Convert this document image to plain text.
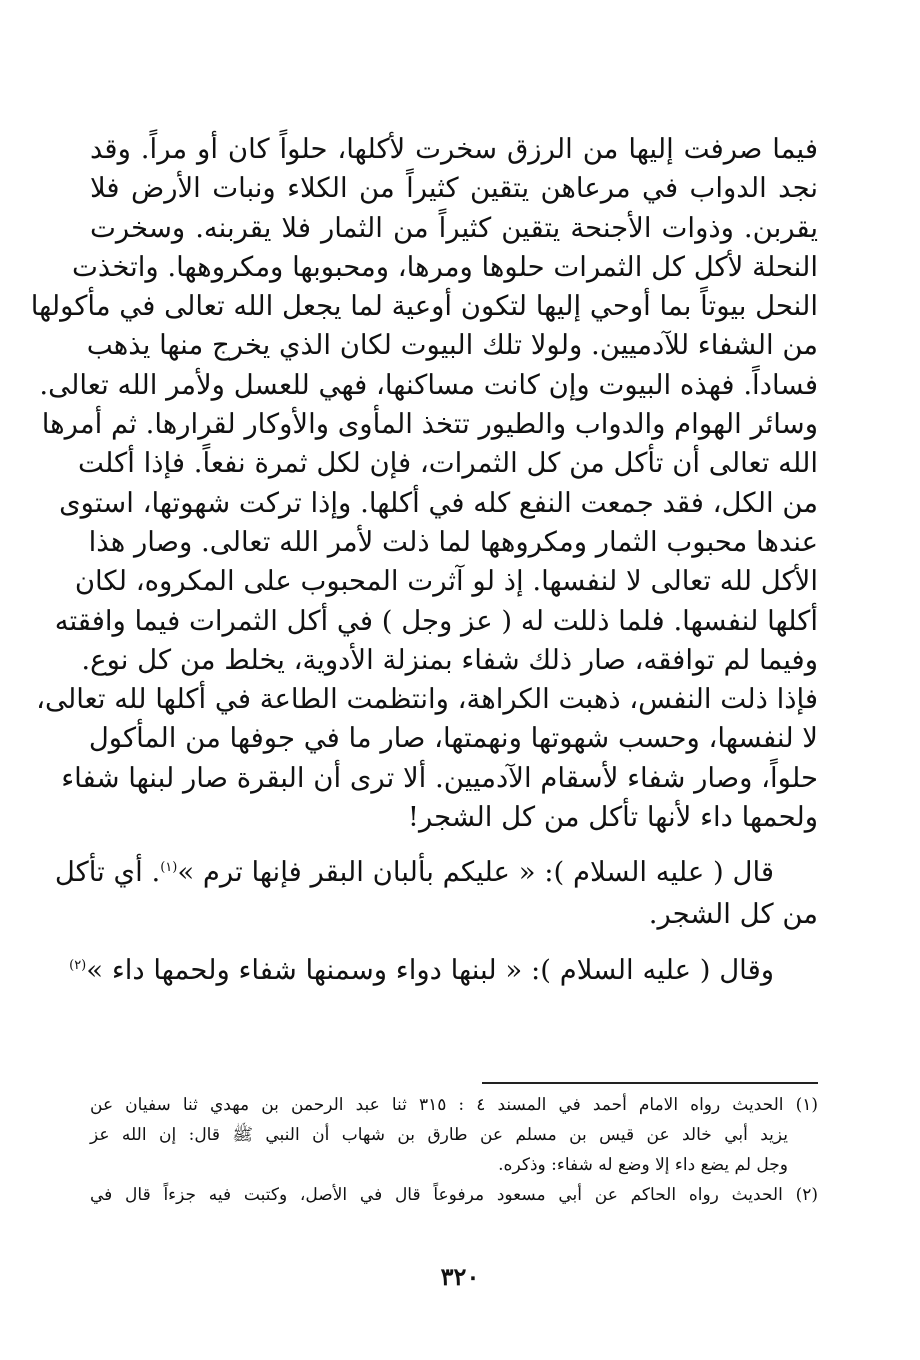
فيما صرفت إليها من الرزق سخرت لأكلها، حلواً كان أو مراً. وقد
نجد الدواب في مرعاهن يتقين كثيراً من الكلاء ونبات الأرض فلا
يقربن. وذوات الأجنحة يتقين كثيراً من الثمار فلا يقربنه. وسخرت
النحلة لأكل كل الثمرات حلوها ومرها، ومحبوبها ومكروهها. واتخذت
النحل بيوتاً بما أوحي إليها لتكون أوعية لما يجعل الله تعالى في مأكولها
من الشفاء للآدميين. ولولا تلك البيوت لكان الذي يخرج منها يذهب
فساداً. فهذه البيوت وإن كانت مساكنها، فهي للعسل ولأمر الله تعالى.
وسائر الهوام والدواب والطيور تتخذ المأوى والأوكار لقرارها. ثم أمرها
الله تعالى أن تأكل من كل الثمرات، فإن لكل ثمرة نفعاً. فإذا أكلت
من الكل، فقد جمعت النفع كله في أكلها. وإذا تركت شهوتها، استوى
عندها محبوب الثمار ومكروهها لما ذلت لأمر الله تعالى. وصار هذا
الأكل لله تعالى لا لنفسها. إذ لو آثرت المحبوب على المكروه، لكان
أكلها لنفسها. فلما ذللت له ( عز وجل ) في أكل الثمرات فيما وافقته
وفيما لم توافقه، صار ذلك شفاء بمنزلة الأدوية، يخلط من كل نوع.
فإذا ذلت النفس، ذهبت الكراهة، وانتظمت الطاعة في أكلها لله تعالى،
لا لنفسها، وحسب شهوتها ونهمتها، صار ما في جوفها من المأكول
حلواً، وصار شفاء لأسقام الآدميين. ألا ترى أن البقرة صار لبنها شفاء
ولحمها داء لأنها تأكل من كل الشجر!
قال ( عليه السلام ): « عليكم بألبان البقر فإنها ترم »$^{(١)}$. أي تأكل
من كل الشجر.
وقال ( عليه السلام ): « لبنها دواء وسمنها شفاء ولحمها داء »$^{(٢)}$
(١) الحديث رواه الامام أحمد في المسند ٤ : ٣١٥ ثنا عبد الرحمن بن مهدي ثنا سفيان عن
يزيد أبي خالد عن قيس بن مسلم عن طارق بن شهاب أن النبي ﷺ قال: إن الله عز
وجل لم يضع داء إلا وضع له شفاء: وذكره.
(٢) الحديث رواه الحاكم عن أبي مسعود مرفوعاً قال في الأصل، وكتبت فيه جزءاً قال في
٣٢٠
